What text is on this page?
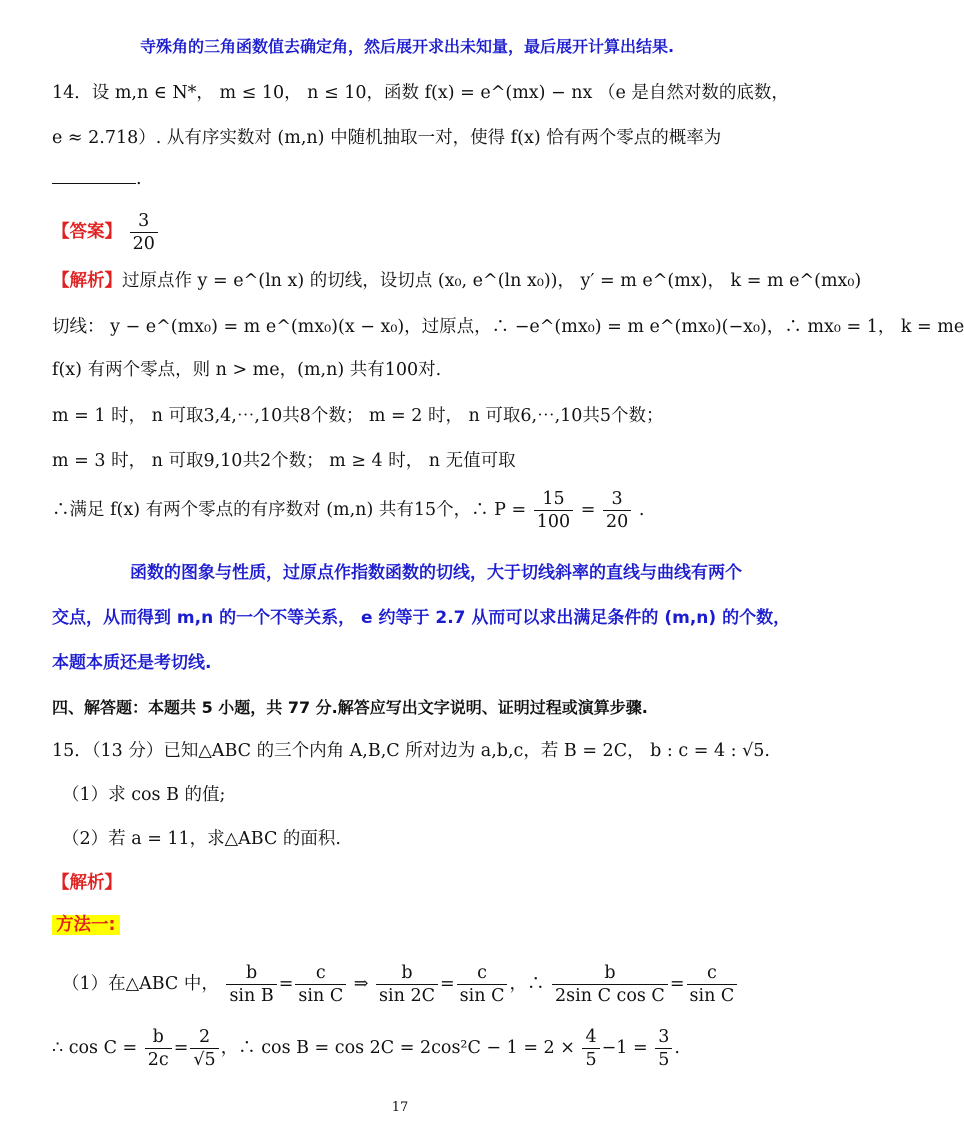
寺殊角的三角函数值去确定角，然后展开求出未知量，最后展开计算出结果.
14．设 m,n ∈ N*， m ≤ 10， n ≤ 10，函数 f(x) = e^(mx) − nx （e 是自然对数的底数，
e ≈ 2.718）. 从有序实数对 (m,n) 中随机抽取一对，使得 f(x) 恰有两个零点的概率为
.
【答案】 $\frac{3}{20}$
【解析】过原点作 y = e^(ln x) 的切线，设切点 (x₀, e^(ln x₀))， y′ = m e^(mx)， k = m e^(mx₀)
切线： y − e^(mx₀) = m e^(mx₀)(x − x₀)，过原点，∴ −e^(mx₀) = m e^(mx₀)(−x₀)，∴ mx₀ = 1， k = me
f(x) 有两个零点，则 n > me，(m,n) 共有100对.
m = 1 时， n 可取3,4,⋯,10共8个数； m = 2 时， n 可取6,⋯,10共5个数；
m = 3 时， n 可取9,10共2个数； m ≥ 4 时， n 无值可取
∴满足 f(x) 有两个零点的有序数对 (m,n) 共有15个，∴ $P = \frac{15}{100} = \frac{3}{20}$ .
函数的图象与性质，过原点作指数函数的切线，大于切线斜率的直线与曲线有两个
交点，从而得到 m,n 的一个不等关系， e 约等于 2.7 从而可以求出满足条件的 (m,n) 的个数，
本题本质还是考切线.
四、解答题：本题共 5 小题，共 77 分.解答应写出文字说明、证明过程或演算步骤.
15．（13 分）已知△ABC 的三个内角 A,B,C 所对边为 a,b,c，若 B = 2C， b : c = 4 : √5.
（1）求 cos B 的值;
（2）若 a = 11，求△ABC 的面积.
【解析】
方法一:
（1）在△ABC 中， $\frac{b}{\text{sin B}} = \frac{c}{\text{sin C}}$ ⇒ $\frac{b}{\sin 2C} = \frac{c}{\text{sin C}}$ ，∴ $\frac{b}{\text{2sin C cos C}} = \frac{c}{\text{sin C}}$
∴ $\cos C = \frac{b}{2c} = \frac{2}{√5}$ ，∴ $\cos B = \cos 2C = 2\cos^2C - 1 = 2 \times \frac{4}{5} -1 = \frac{3}{5}$ .
17
